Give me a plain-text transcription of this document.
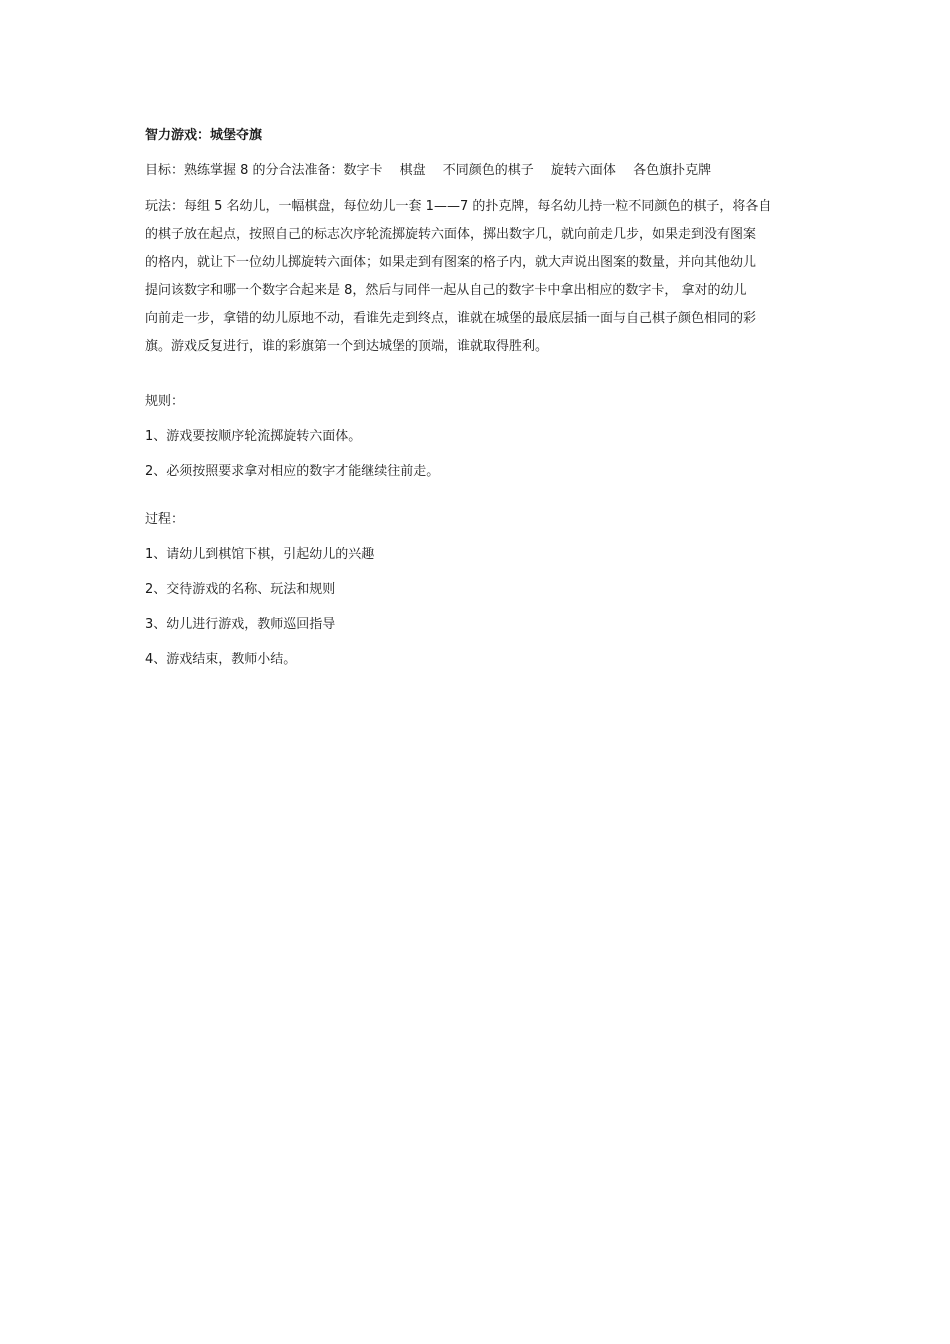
智力游戏：城堡夺旗
目标：熟练掌握 8 的分合法准备：数字卡　 棋盘　 不同颜色的棋子　 旋转六面体　 各色旗扑克牌
玩法：每组 5 名幼儿，一幅棋盘，每位幼儿一套 1——7 的扑克牌，每名幼儿持一粒不同颜色的棋子，将各自
的棋子放在起点，按照自己的标志次序轮流掷旋转六面体，掷出数字几，就向前走几步，如果走到没有图案
的格内，就让下一位幼儿掷旋转六面体；如果走到有图案的格子内，就大声说出图案的数量，并向其他幼儿
提问该数字和哪一个数字合起来是 8，然后与同伴一起从自己的数字卡中拿出相应的数字卡， 拿对的幼儿
向前走一步，拿错的幼儿原地不动，看谁先走到终点，谁就在城堡的最底层插一面与自己棋子颜色相同的彩
旗。游戏反复进行，谁的彩旗第一个到达城堡的顶端，谁就取得胜利。
规则：
1、游戏要按顺序轮流掷旋转六面体。
2、必须按照要求拿对相应的数字才能继续往前走。
过程：
1、请幼儿到棋馆下棋，引起幼儿的兴趣
2、交待游戏的名称、玩法和规则
3、幼儿进行游戏，教师巡回指导
4、游戏结束，教师小结。
